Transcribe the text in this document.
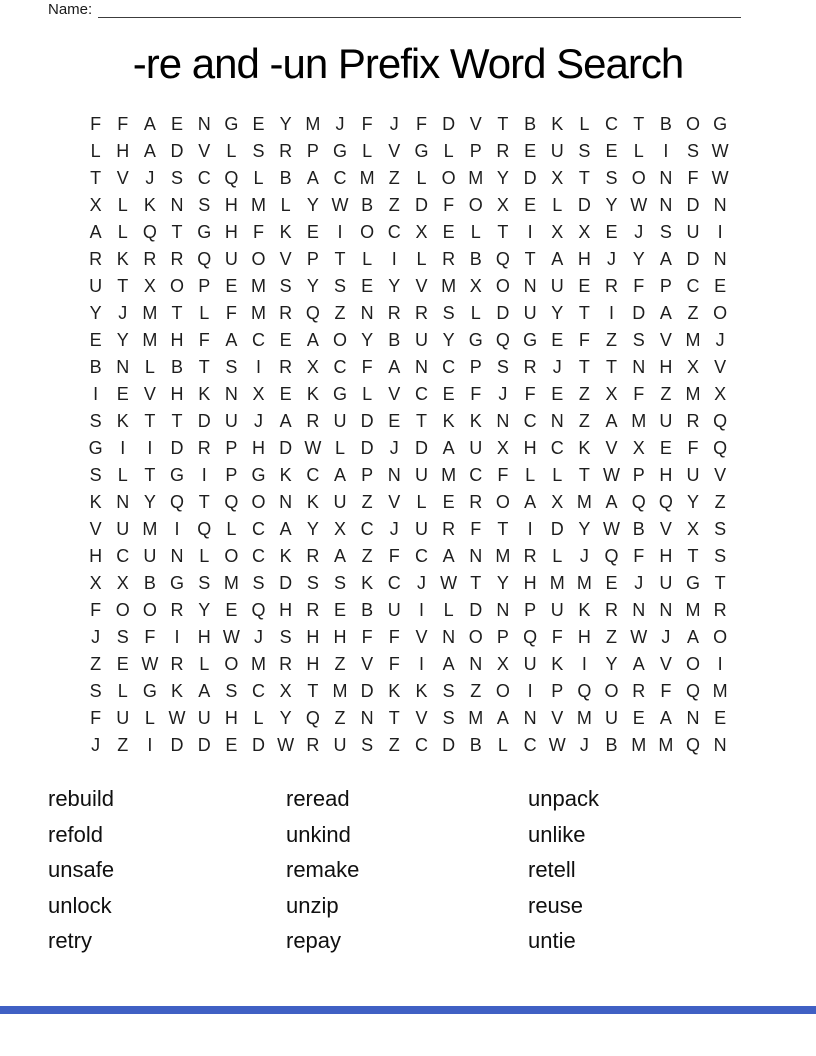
Name:
-re and -un Prefix Word Search
F F A E N G E Y M J F J F D V T B K L C T B O G
L H A D V L S R P G L V G L P R E U S E L	I	S W
T V J S C Q L B A C M Z L O M Y D X T S O N F W
X L K N S H M L Y W B Z D F O X E L D Y W N D N
A L Q T G H F K E	I O C X E L T	I	X X E J S U	I
R K R R Q U O V P T L	I	L R B Q T A H J Y A D N
U T X O P E M S Y S E Y V M X O N U E R F P C E
Y J M T L F M R Q Z N R R S L D U Y T	I	D A Z O
E Y M H F A C E A O Y B U Y G Q G E F Z S V M J
B N L B T S	I	R X C F A N C P S R J T T N H X V
I	E V H K N X E K G L V C E F J F E Z X F Z M X
S K T T D U J A R U D E T K K N C N Z A M U R Q
G I	I	D R P H D W L D J D A U X H C K V X E F Q
S L T G I	P G K C A P N U M C F L L T W P H U V
K N Y Q T Q O N K U Z V L E R O A X M A Q Q Y Z
V U M I Q L C A Y X C J U R F T	I	D Y W B V X S
H C U N L O C K R A Z F C A N M R L J Q F H T S
X X B G S M S D S S K C J W T Y H M M E J U G T
F O O R Y E Q H R E B U	I	L D N P U K R N N M R
J S F	I	H W J S H H F F V N O P Q F H Z W J A O
Z E W R L O M R H Z V F	I	A N X U K	I	Y A V O I
S L G K A S C X T M D K K S Z O I	P Q O R F Q M
F U L W U H L Y Q Z N T V S M A N V M U E A N E
J Z	I	D D E D W R U S Z C D B L C W J B M M Q N
rebuild
refold
unsafe
unlock
retry
reread
unkind
remake
unzip
repay
unpack
unlike
retell
reuse
untie
